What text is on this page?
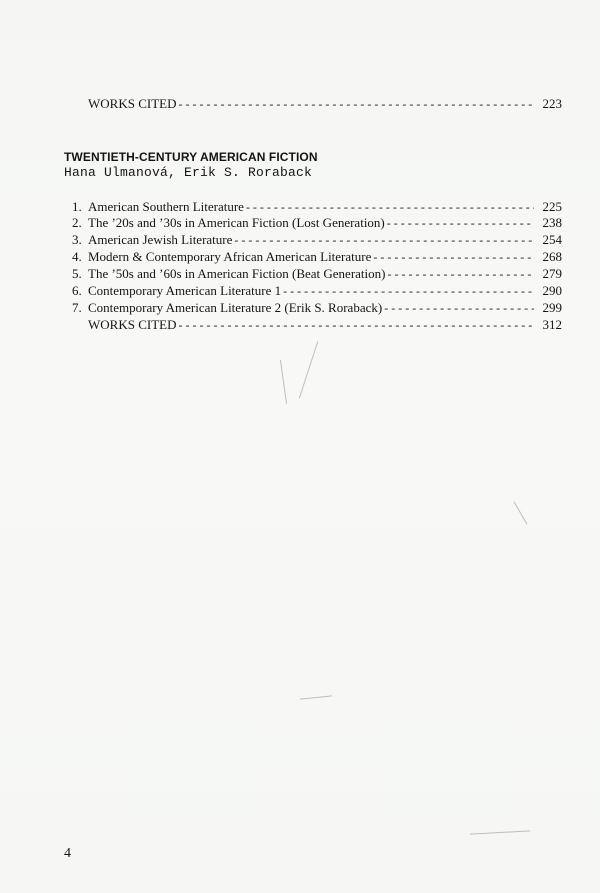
WORKS CITED - - -	223
TWENTIETH-CENTURY AMERICAN FICTION
Hana Ulmanová, Erik S. Roraback
1. American Southern Literature - - -	225
2. The ’20s and ’30s in American Fiction (Lost Generation) - - -	238
3. American Jewish Literature - - -	254
4. Modern & Contemporary African American Literature - - -	268
5. The ’50s and ’60s in American Fiction (Beat Generation) - - -	279
6. Contemporary American Literature 1 - - -	290
7. Contemporary American Literature 2 (Erik S. Roraback) - - -	299
WORKS CITED - - -	312
4
